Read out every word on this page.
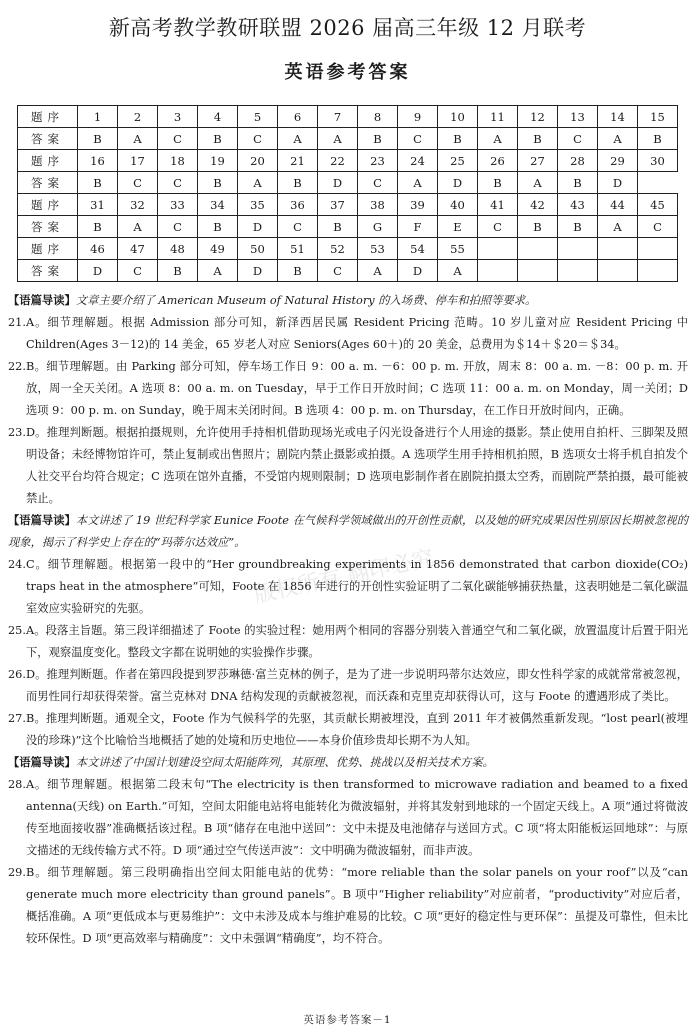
新高考教学教研联盟 2026 届高三年级 12 月联考
英语参考答案
题序	1	2	3	4	5	6	7	8	9	10	11	12	13	14	15
答案	B	A	C	B	C	A	A	B	C	B	A	B	C	A	B
题序	16	17	18	19	20	21	22	23	24	25	26	27	28	29	30
答案	B	C	C	B	A	B	D	C	A	D	B	A	B	D	
题序	31	32	33	34	35	36	37	38	39	40	41	42	43	44	45
答案	B	A	C	B	D	C	B	G	F	E	C	B	B	A	C
题序	46	47	48	49	50	51	52	53	54	55					
答案	D	C	B	A	D	B	C	A	D	A					
版权所有 翻印必究

【语篇导读】文章主要介绍了 American Museum of Natural History 的入场费、停车和拍照等要求。

21.A。细节理解题。根据 Admission 部分可知，新泽西居民属 Resident Pricing 范畴。10 岁儿童对应 Resident Pricing 中 Children(Ages 3－12)的 14 美金，65 岁老人对应 Seniors(Ages 60＋)的 20 美金，总费用为＄14＋＄20＝＄34。

22.B。细节理解题。由 Parking 部分可知，停车场工作日 9：00 a. m. －6：00 p. m. 开放，周末 8：00 a. m. －8：00 p. m. 开放，周一全天关闭。A 选项 8：00 a. m. on Tuesday，早于工作日开放时间；C 选项 11：00 a. m. on Monday，周一关闭；D 选项 9：00 p. m. on Sunday，晚于周末关闭时间。B 选项 4：00 p. m. on Thursday，在工作日开放时间内，正确。

23.D。推理判断题。根据拍摄规则，允许使用手持相机借助现场光或电子闪光设备进行个人用途的摄影。禁止使用自拍杆、三脚架及照明设备；未经博物馆许可，禁止复制或出售照片；剧院内禁止摄影或拍摄。A 选项学生用手持相机拍照，B 选项女士将手机自拍发个人社交平台均符合规定；C 选项在馆外直播，不受馆内规则限制；D 选项电影制作者在剧院拍摄太空秀，而剧院严禁拍摄，最可能被禁止。

【语篇导读】本文讲述了 19 世纪科学家 Eunice Foote 在气候科学领域做出的开创性贡献，以及她的研究成果因性别原因长期被忽视的现象，揭示了科学史上存在的“玛蒂尔达效应”。

24.C。细节理解题。根据第一段中的“Her groundbreaking experiments in 1856 demonstrated that carbon dioxide(CO₂) traps heat in the atmosphere”可知，Foote 在 1856 年进行的开创性实验证明了二氧化碳能够捕获热量，这表明她是二氧化碳温室效应实验研究的先驱。

25.A。段落主旨题。第三段详细描述了 Foote 的实验过程：她用两个相同的容器分别装入普通空气和二氧化碳，放置温度计后置于阳光下，观察温度变化。整段文字都在说明她的实验操作步骤。

26.D。推理判断题。作者在第四段提到罗莎琳德·富兰克林的例子，是为了进一步说明玛蒂尔达效应，即女性科学家的成就常常被忽视，而男性同行却获得荣誉。富兰克林对 DNA 结构发现的贡献被忽视，而沃森和克里克却获得认可，这与 Foote 的遭遇形成了类比。

27.B。推理判断题。通观全文，Foote 作为气候科学的先驱，其贡献长期被埋没，直到 2011 年才被偶然重新发现。“lost pearl(被埋没的珍珠)”这个比喻恰当地概括了她的处境和历史地位——本身价值珍贵却长期不为人知。

【语篇导读】本文讲述了中国计划建设空间太阳能阵列，其原理、优势、挑战以及相关技术方案。

28.A。细节理解题。根据第二段末句“The electricity is then transformed to microwave radiation and beamed to a fixed antenna(天线) on Earth.”可知，空间太阳能电站将电能转化为微波辐射，并将其发射到地球的一个固定天线上。A 项“通过将微波传至地面接收器”准确概括该过程。B 项“储存在电池中送回”：文中未提及电池储存与送回方式。C 项“将太阳能板运回地球”：与原文描述的无线传输方式不符。D 项“通过空气传送声波”：文中明确为微波辐射，而非声波。

29.B。细节理解题。第三段明确指出空间太阳能电站的优势：“more reliable than the solar panels on your roof”以及“can generate much more electricity than ground panels”。B 项中“Higher reliability”对应前者，“productivity”对应后者，概括准确。A 项“更低成本与更易维护”：文中未涉及成本与维护难易的比较。C 项“更好的稳定性与更环保”：虽提及可靠性，但未比较环保性。D 项“更高效率与精确度”：文中未强调“精确度”，均不符合。

英语参考答案－1
